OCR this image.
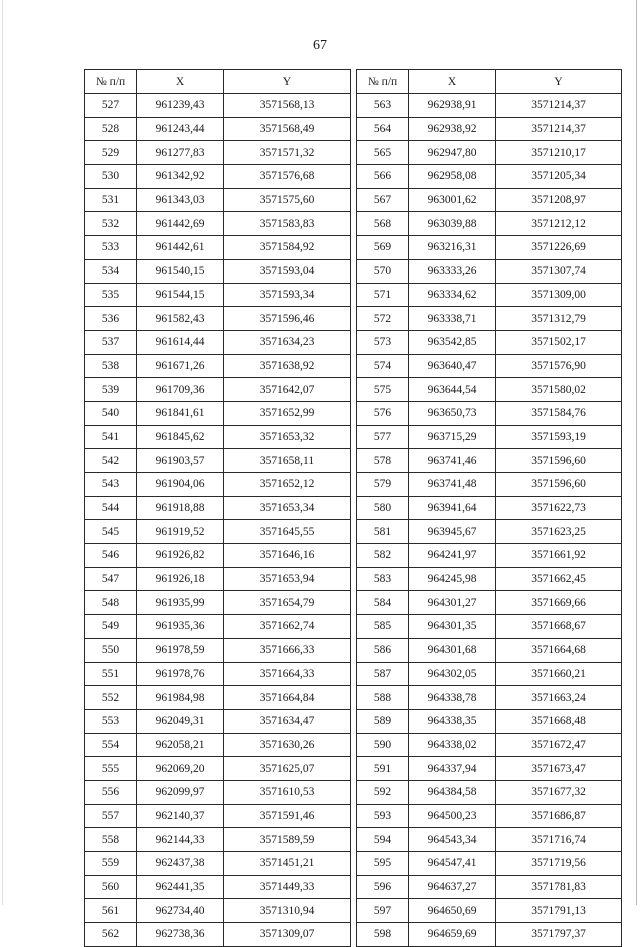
67
№ п/п	X	Y
527	961239,43	3571568,13
528	961243,44	3571568,49
529	961277,83	3571571,32
530	961342,92	3571576,68
531	961343,03	3571575,60
532	961442,69	3571583,83
533	961442,61	3571584,92
534	961540,15	3571593,04
535	961544,15	3571593,34
536	961582,43	3571596,46
537	961614,44	3571634,23
538	961671,26	3571638,92
539	961709,36	3571642,07
540	961841,61	3571652,99
541	961845,62	3571653,32
542	961903,57	3571658,11
543	961904,06	3571652,12
544	961918,88	3571653,34
545	961919,52	3571645,55
546	961926,82	3571646,16
547	961926,18	3571653,94
548	961935,99	3571654,79
549	961935,36	3571662,74
550	961978,59	3571666,33
551	961978,76	3571664,33
552	961984,98	3571664,84
553	962049,31	3571634,47
554	962058,21	3571630,26
555	962069,20	3571625,07
556	962099,97	3571610,53
557	962140,37	3571591,46
558	962144,33	3571589,59
559	962437,38	3571451,21
560	962441,35	3571449,33
561	962734,40	3571310,94
562	962738,36	3571309,07
№ п/п	X	Y
563	962938,91	3571214,37
564	962938,92	3571214,37
565	962947,80	3571210,17
566	962958,08	3571205,34
567	963001,62	3571208,97
568	963039,88	3571212,12
569	963216,31	3571226,69
570	963333,26	3571307,74
571	963334,62	3571309,00
572	963338,71	3571312,79
573	963542,85	3571502,17
574	963640,47	3571576,90
575	963644,54	3571580,02
576	963650,73	3571584,76
577	963715,29	3571593,19
578	963741,46	3571596,60
579	963741,48	3571596,60
580	963941,64	3571622,73
581	963945,67	3571623,25
582	964241,97	3571661,92
583	964245,98	3571662,45
584	964301,27	3571669,66
585	964301,35	3571668,67
586	964301,68	3571664,68
587	964302,05	3571660,21
588	964338,78	3571663,24
589	964338,35	3571668,48
590	964338,02	3571672,47
591	964337,94	3571673,47
592	964384,58	3571677,32
593	964500,23	3571686,87
594	964543,34	3571716,74
595	964547,41	3571719,56
596	964637,27	3571781,83
597	964650,69	3571791,13
598	964659,69	3571797,37
